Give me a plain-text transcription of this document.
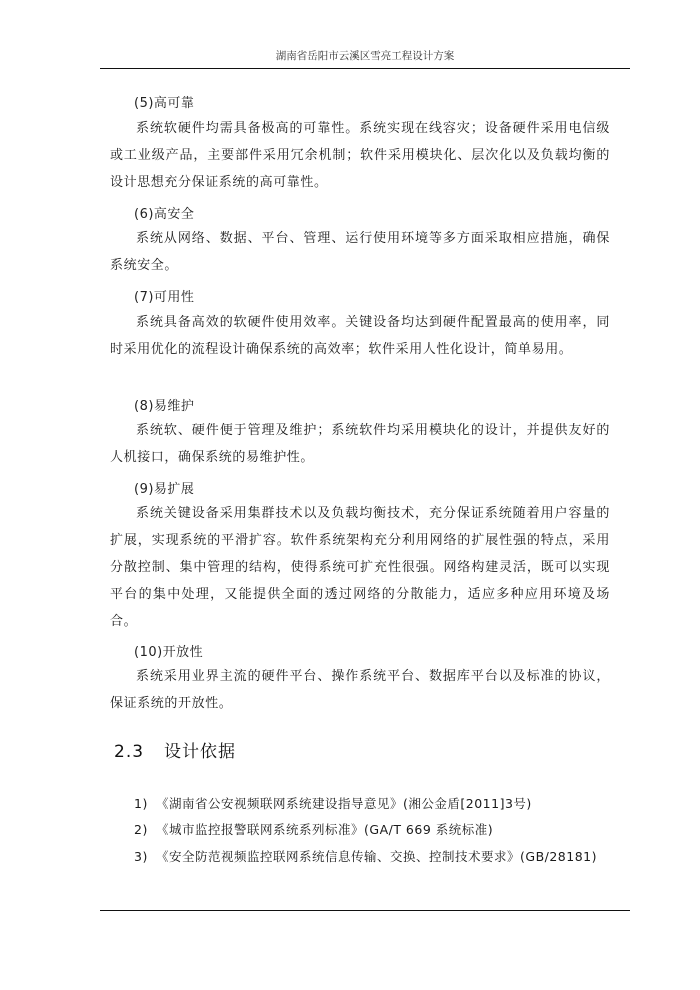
湖南省岳阳市云溪区雪亮工程设计方案
(5)高可靠
系统软硬件均需具备极高的可靠性。系统实现在线容灾；设备硬件采用电信级或工业级产品，主要部件采用冗余机制；软件采用模块化、层次化以及负载均衡的设计思想充分保证系统的高可靠性。
(6)高安全
系统从网络、数据、平台、管理、运行使用环境等多方面采取相应措施，确保系统安全。
(7)可用性
系统具备高效的软硬件使用效率。关键设备均达到硬件配置最高的使用率，同时采用优化的流程设计确保系统的高效率；软件采用人性化设计，简单易用。
(8)易维护
系统软、硬件便于管理及维护；系统软件均采用模块化的设计，并提供友好的人机接口，确保系统的易维护性。
(9)易扩展
系统关键设备采用集群技术以及负载均衡技术，充分保证系统随着用户容量的扩展，实现系统的平滑扩容。软件系统架构充分利用网络的扩展性强的特点，采用分散控制、集中管理的结构，使得系统可扩充性很强。网络构建灵活，既可以实现平台的集中处理，又能提供全面的透过网络的分散能力，适应多种应用环境及场合。
(10)开放性
系统采用业界主流的硬件平台、操作系统平台、数据库平台以及标准的协议，保证系统的开放性。
2.3 设计依据
1) 《湖南省公安视频联网系统建设指导意见》(湘公金盾[2011]3号)
2) 《城市监控报警联网系统系列标准》(GA/T 669 系统标准)
3) 《安全防范视频监控联网系统信息传输、交换、控制技术要求》(GB/28181)
